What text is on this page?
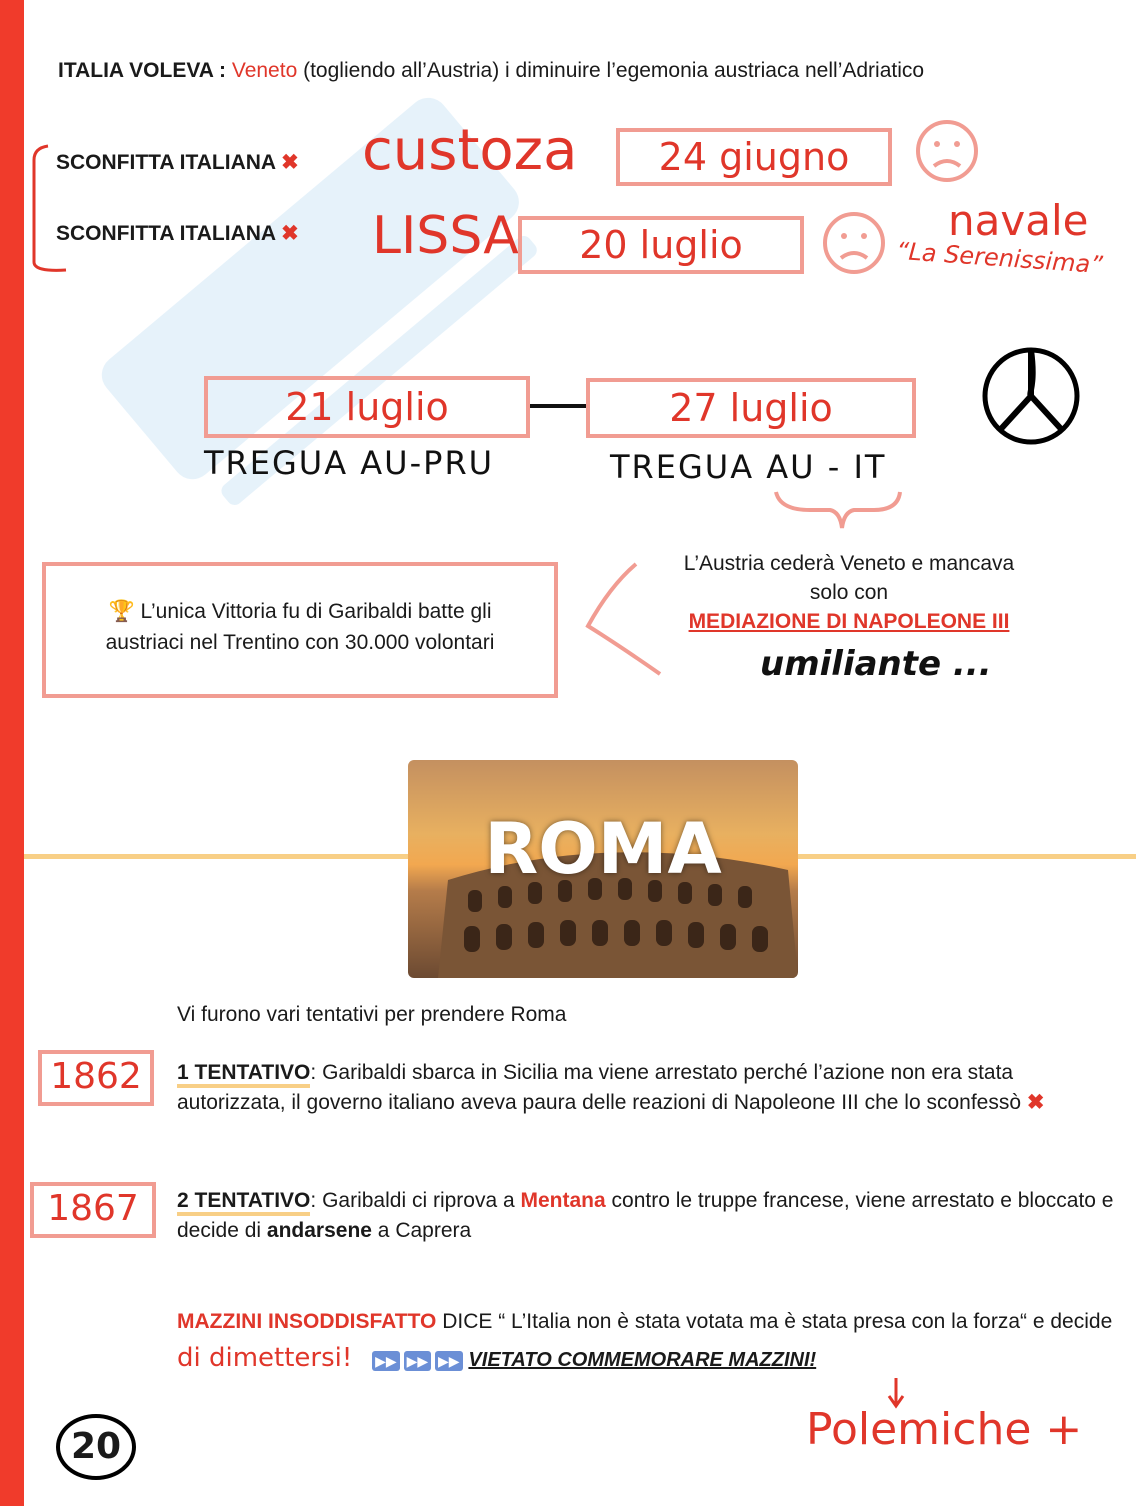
ITALIA VOLEVA : Veneto (togliendo all’Austria) i diminuire l’egemonia austriaca nell’Adriatico
SCONFITTA ITALIANA ✖ custoza	24 giugno
SCONFITTA ITALIANA ✖ LISSA	20 luglio	navale
“La Serenissima”
21 luglio	27 luglio
TREGUA AU-PRU	TREGUA AU - IT
🏆 L’unica Vittoria fu di Garibaldi batte gli austriaci nel Trentino con 30.000 volontari
L’Austria cederà Veneto e mancava
solo con
MEDIAZIONE DI NAPOLEONE III
umiliante ...
ROMA
Vi furono vari tentativi per prendere Roma
1862	1 TENTATIVO: Garibaldi sbarca in Sicilia ma viene arrestato perché l’azione non era stata autorizzata, il governo italiano aveva paura delle reazioni di Napoleone III che lo sconfessò ✖
1867	2 TENTATIVO: Garibaldi ci riprova a Mentana contro le truppe francese, viene arrestato e bloccato e decide di andarsene a Caprera
MAZZINI INSODDISFATTO DICE “ L’Italia non è stata votata ma è stata presa con la forza“ e decide di dimettersi! ▶▶ ▶▶ ▶▶ VIETATO COMMEMORARE MAZZINI!
Polemiche +
20
